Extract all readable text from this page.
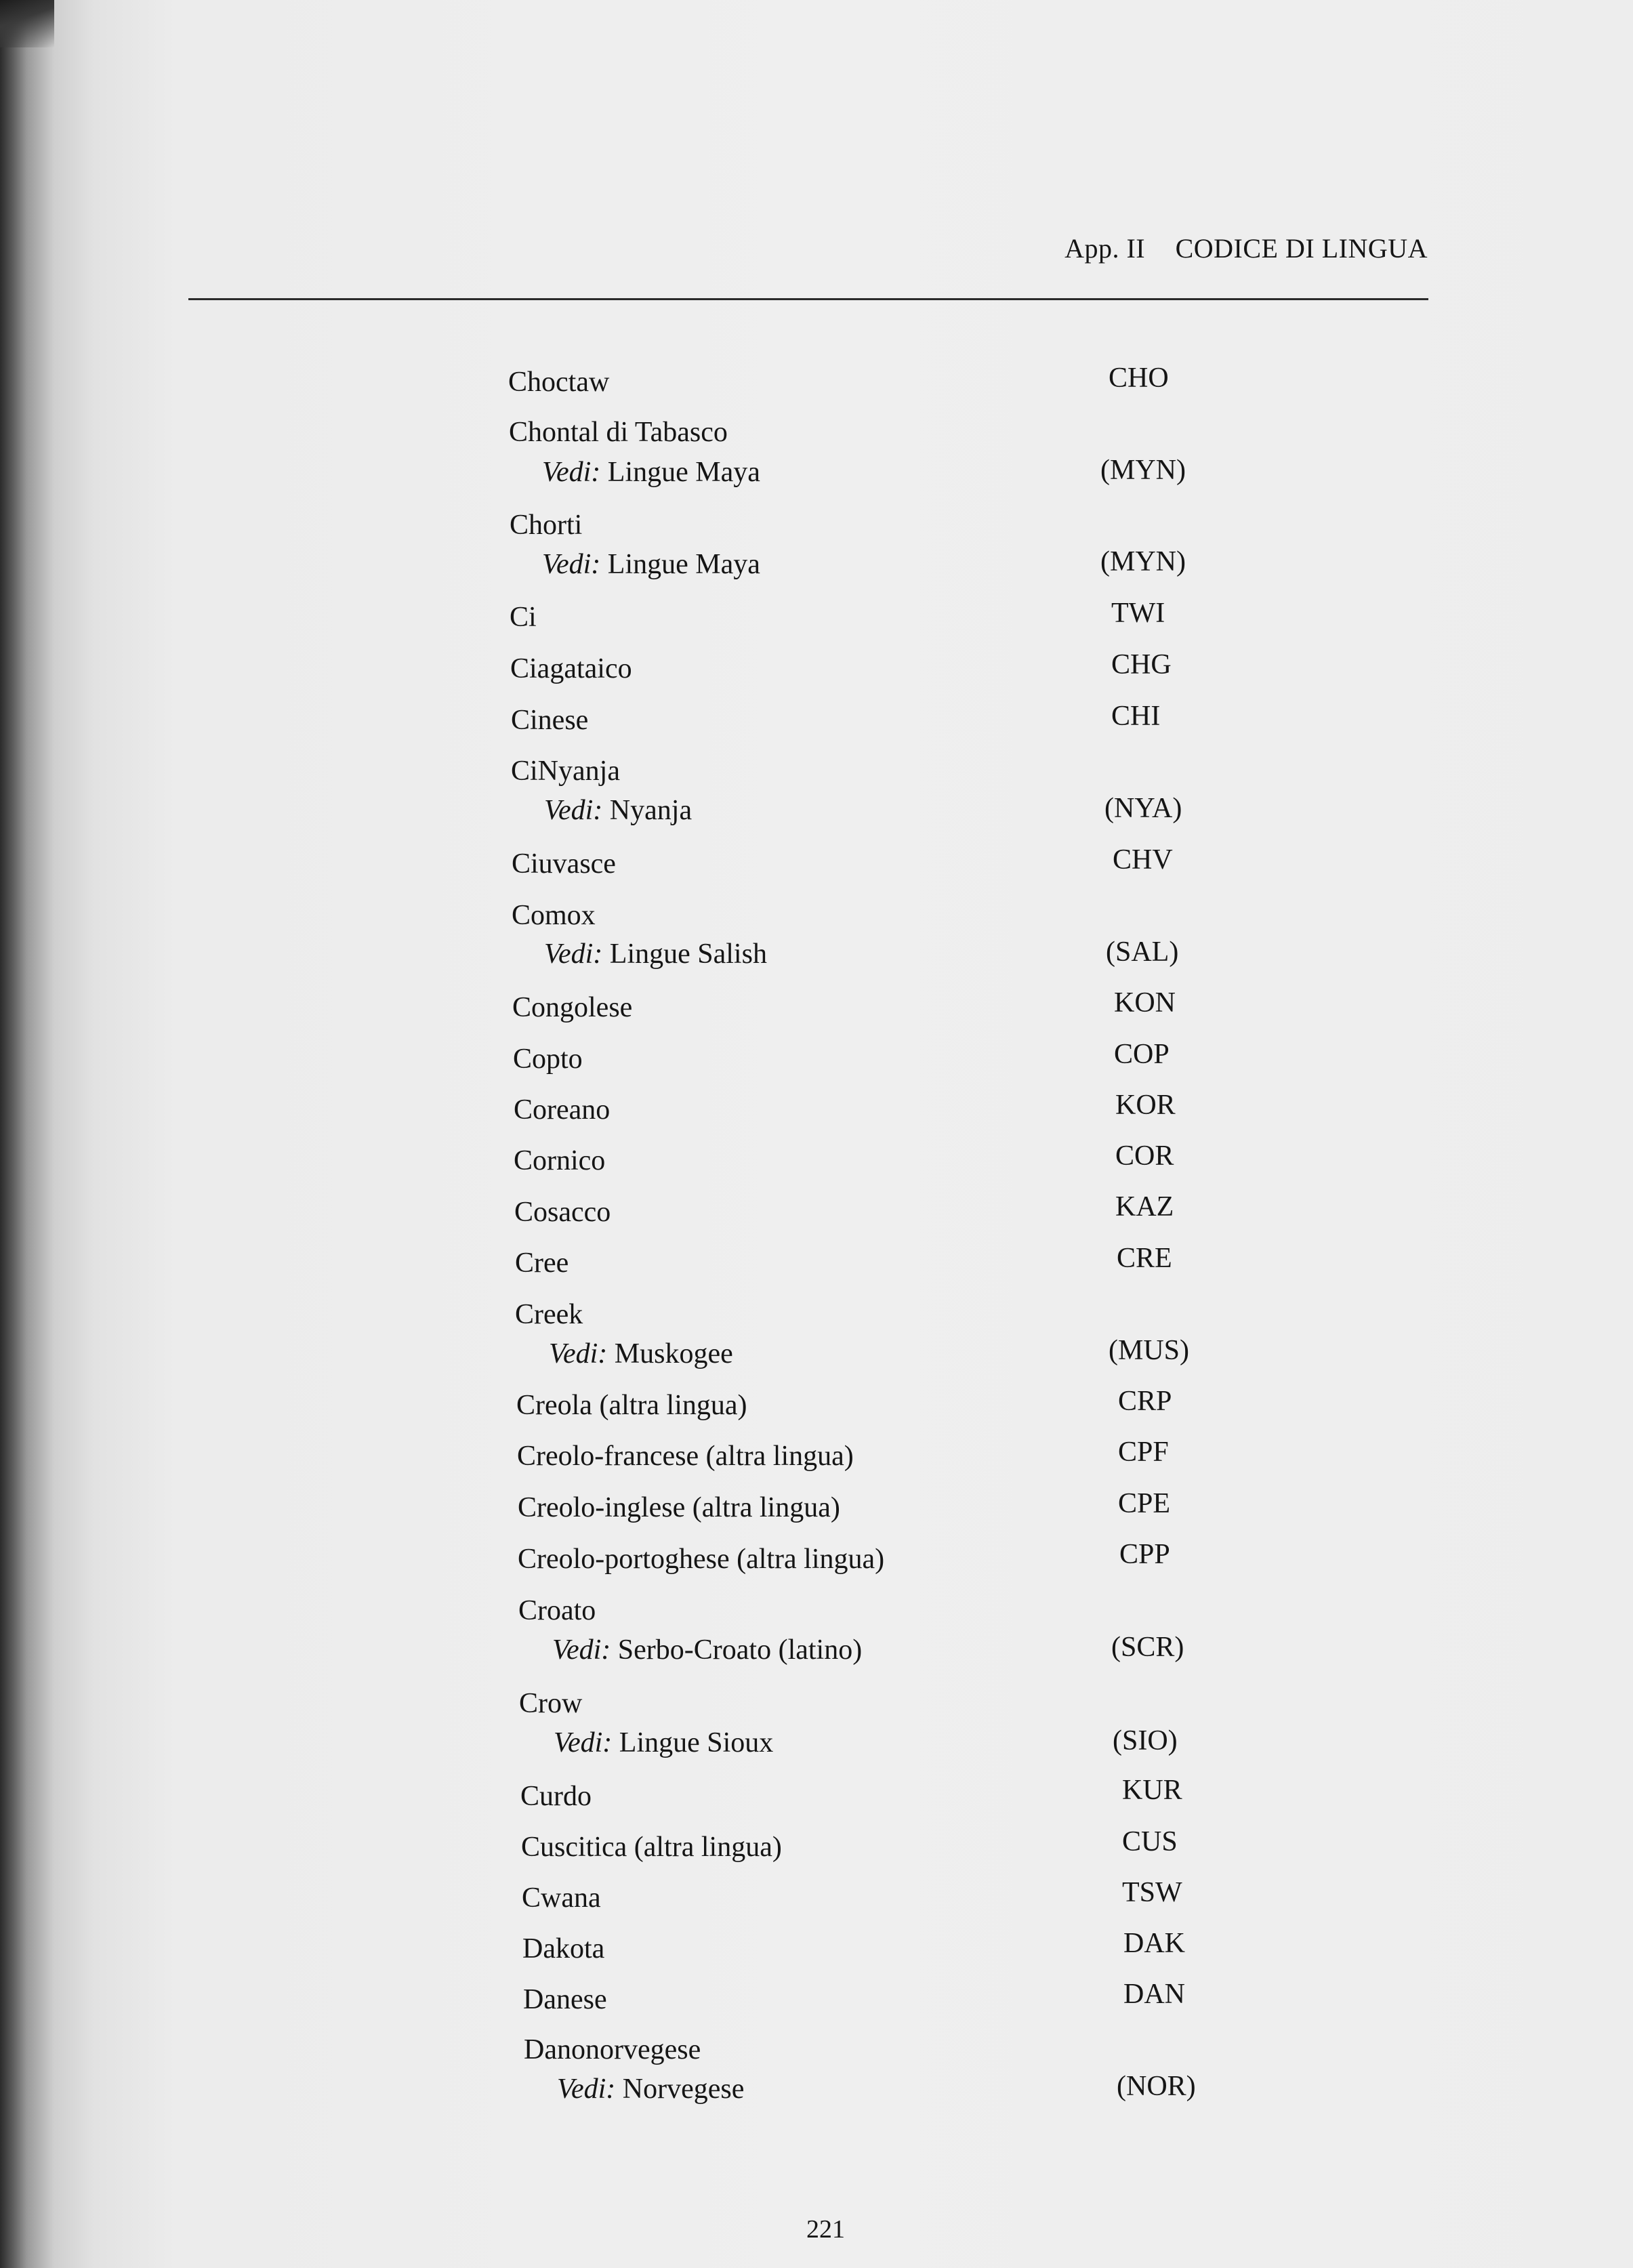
App. II CODICE DI LINGUA
Choctaw	CHO
Chontal di Tabasco
Vedi: Lingue Maya	(MYN)
Chorti
Vedi: Lingue Maya	(MYN)
Ci	TWI
Ciagataico	CHG
Cinese	CHI
CiNyanja
Vedi: Nyanja	(NYA)
Ciuvasce	CHV
Comox
Vedi: Lingue Salish	(SAL)
Congolese	KON
Copto	COP
Coreano	KOR
Cornico	COR
Cosacco	KAZ
Cree	CRE
Creek
Vedi: Muskogee	(MUS)
Creola (altra lingua)	CRP
Creolo-francese (altra lingua)	CPF
Creolo-inglese (altra lingua)	CPE
Creolo-portoghese (altra lingua)	CPP
Croato
Vedi: Serbo-Croato (latino)	(SCR)
Crow
Vedi: Lingue Sioux	(SIO)
Curdo	KUR
Cuscitica (altra lingua)	CUS
Cwana	TSW
Dakota	DAK
Danese	DAN
Danonorvegese
Vedi: Norvegese	(NOR)
221
